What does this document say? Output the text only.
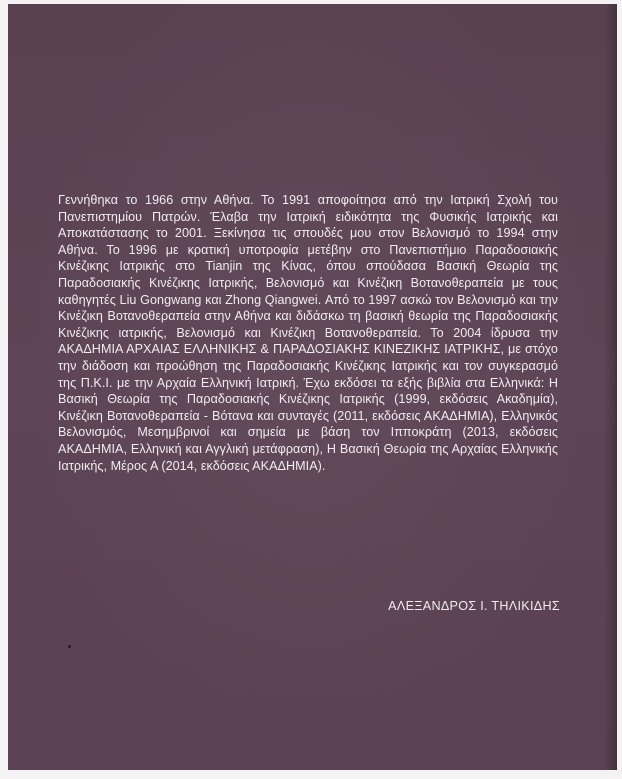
Γεννήθηκα το 1966 στην Αθήνα. Το 1991 αποφοίτησα από την Ιατρική Σχολή του Πανεπιστημίου Πατρών. Έλαβα την Ιατρική ειδικότητα της Φυσικής Ιατρικής και Αποκατάστασης το 2001. Ξεκίνησα τις σπουδές μου στον Βελονισμό το 1994 στην Αθήνα. Το 1996 με κρατική υποτροφία μετέβην στο Πανεπιστήμιο Παραδοσιακής Κινέζικης Ιατρικής στο Tianjin της Κίνας, όπου σπούδασα Βασική Θεωρία της Παραδοσιακής Κινέζικης Ιατρικής, Βελονισμό και Κινέζικη Βοτανοθεραπεία με τους καθηγητές Liu Gongwang και Zhong Qiangwei. Από το 1997 ασκώ τον Βελονισμό και την Κινέζικη Βοτανοθεραπεία στην Αθήνα και διδάσκω τη βασική θεωρία της Παραδοσιακής Κινέζικης ιατρικής, Βελονισμό και Κινέζικη Βοτανοθεραπεία. Το 2004 ίδρυσα την ΑΚΑΔΗΜΙΑ ΑΡΧΑΙΑΣ ΕΛΛΗΝΙΚΗΣ & ΠΑΡΑΔΟΣΙΑΚΗΣ ΚΙΝΕΖΙΚΗΣ ΙΑΤΡΙΚΗΣ, με στόχο την διάδοση και προώθηση της Παραδοσιακής Κινέζικης Ιατρικής και τον συγκερασμό της Π.Κ.Ι. με την Αρχαία Ελληνική Ιατρική. Έχω εκδόσει τα εξής βιβλία στα Ελληνικά: Η Βασική Θεωρία της Παραδοσιακής Κινέζικης Ιατρικής (1999, εκδόσεις Ακαδημία), Κινέζικη Βοτανοθεραπεία - Βότανα και συνταγές (2011, εκδόσεις ΑΚΑΔΗΜΙΑ), Ελληνικός Βελονισμός, Μεσημβρινοί και σημεία με βάση τον Ιπποκράτη (2013, εκδόσεις ΑΚΑΔΗΜΙΑ, Ελληνική και Αγγλική μετάφραση), Η Βασική Θεωρία της Αρχαίας Ελληνικής Ιατρικής, Μέρος Α (2014, εκδόσεις ΑΚΑΔΗΜΙΑ).

ΑΛΕΞΑΝΔΡΟΣ Ι. ΤΗΛΙΚΙΔΗΣ
